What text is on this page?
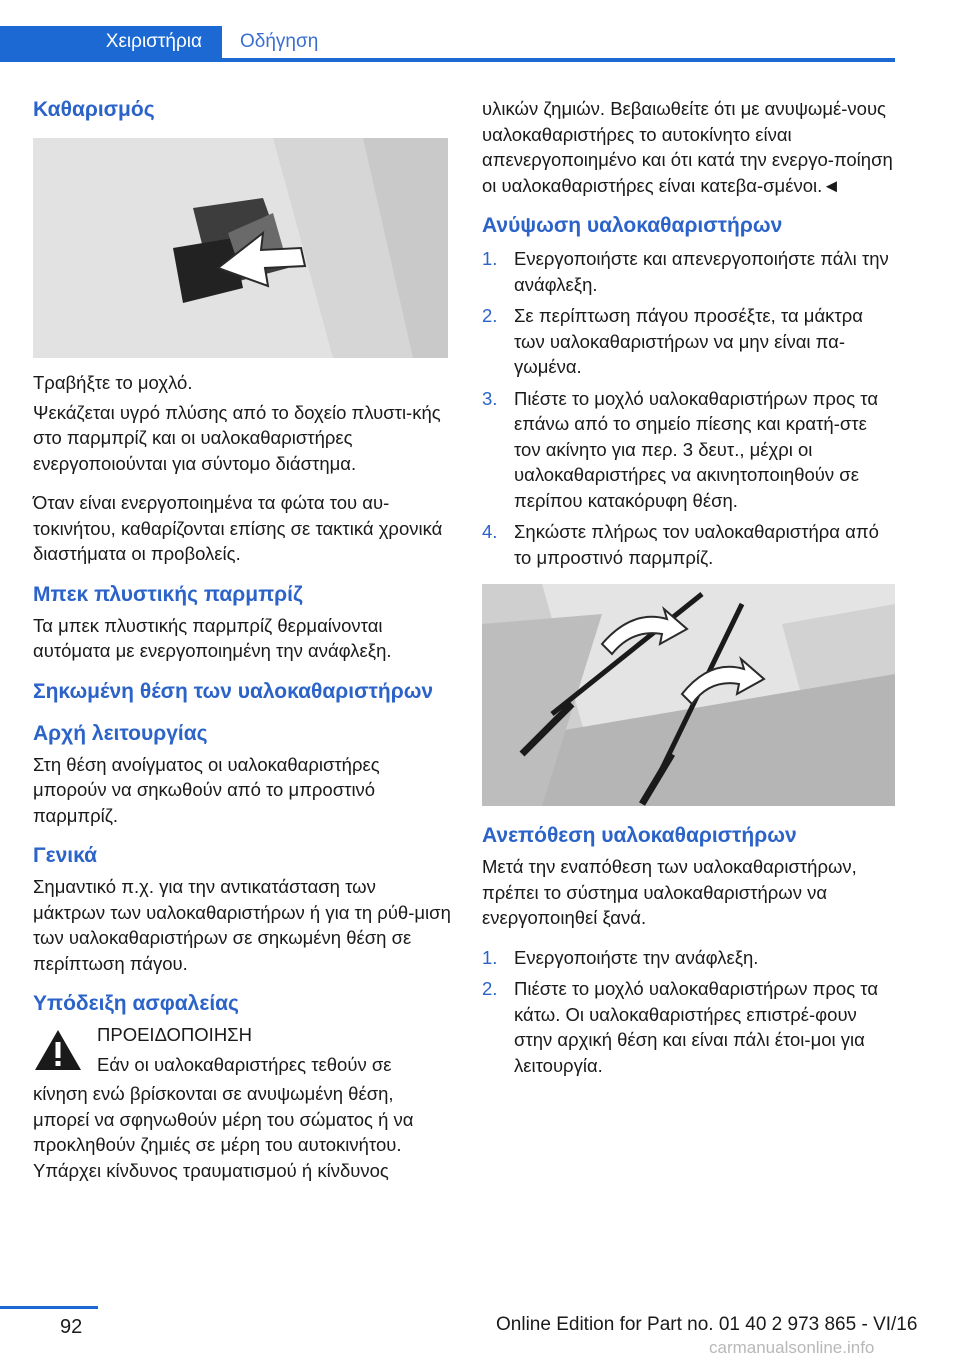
Χειριστήρια Οδήγηση
Καθαρισμός

Τραβήξτε το μοχλό.

Ψεκάζεται υγρό πλύσης από το δοχείο πλυστι‐κής στο παρμπρίζ και οι υαλοκαθαριστήρες ενεργοποιούνται για σύντομο διάστημα.

Όταν είναι ενεργοποιημένα τα φώτα του αυ‐τοκινήτου, καθαρίζονται επίσης σε τακτικά χρονικά διαστήματα οι προβολείς.

Μπεκ πλυστικής παρμπρίζ

Τα μπεκ πλυστικής παρμπρίζ θερμαίνονται αυτόματα με ενεργοποιημένη την ανάφλεξη.

Σηκωμένη θέση των υαλοκαθαριστήρων
Αρχή λειτουργίας

Στη θέση ανοίγματος οι υαλοκαθαριστήρες μπορούν να σηκωθούν από το μπροστινό παρμπρίζ.

Γενικά

Σημαντικό π.χ. για την αντικατάσταση των μάκτρων των υαλοκαθαριστήρων ή για τη ρύθ‐μιση των υαλοκαθαριστήρων σε σηκωμένη θέση σε περίπτωση πάγου.

Υπόδειξη ασφαλείας

ΠΡΟΕΙΔΟΠΟΙΗΣΗ

Εάν οι υαλοκαθαριστήρες τεθούν σε

κίνηση ενώ βρίσκονται σε ανυψωμένη θέση, μπορεί να σφηνωθούν μέρη του σώματος ή να προκληθούν ζημιές σε μέρη του αυτοκινήτου. Υπάρχει κίνδυνος τραυματισμού ή κίνδυνος

υλικών ζημιών. Βεβαιωθείτε ότι με ανυψωμέ‐νους υαλοκαθαριστήρες το αυτοκίνητο είναι απενεργοποιημένο και ότι κατά την ενεργο‐ποίηση οι υαλοκαθαριστήρες είναι κατεβα‐σμένοι.◄

Ανύψωση υαλοκαθαριστήρων
1. Ενεργοποιήστε και απενεργοποιήστε πάλι την ανάφλεξη.
2. Σε περίπτωση πάγου προσέξτε, τα μάκτρα των υαλοκαθαριστήρων να μην είναι πα‐γωμένα.
3. Πιέστε το μοχλό υαλοκαθαριστήρων προς τα επάνω από το σημείο πίεσης και κρατή‐στε τον ακίνητο για περ. 3 δευτ., μέχρι οι υαλοκαθαριστήρες να ακινητοποιηθούν σε περίπου κατακόρυφη θέση.
4. Σηκώστε πλήρως τον υαλοκαθαριστήρα από το μπροστινό παρμπρίζ.
Ανεπόθεση υαλοκαθαριστήρων

Μετά την εναπόθεση των υαλοκαθαριστήρων, πρέπει το σύστημα υαλοκαθαριστήρων να ενεργοποιηθεί ξανά.

1. Ενεργοποιήστε την ανάφλεξη.
2. Πιέστε το μοχλό υαλοκαθαριστήρων προς τα κάτω. Οι υαλοκαθαριστήρες επιστρέ‐φουν στην αρχική θέση και είναι πάλι έτοι‐μοι για λειτουργία.
92	Online Edition for Part no. 01 40 2 973 865 - VI/16
carmanualsonline.info
